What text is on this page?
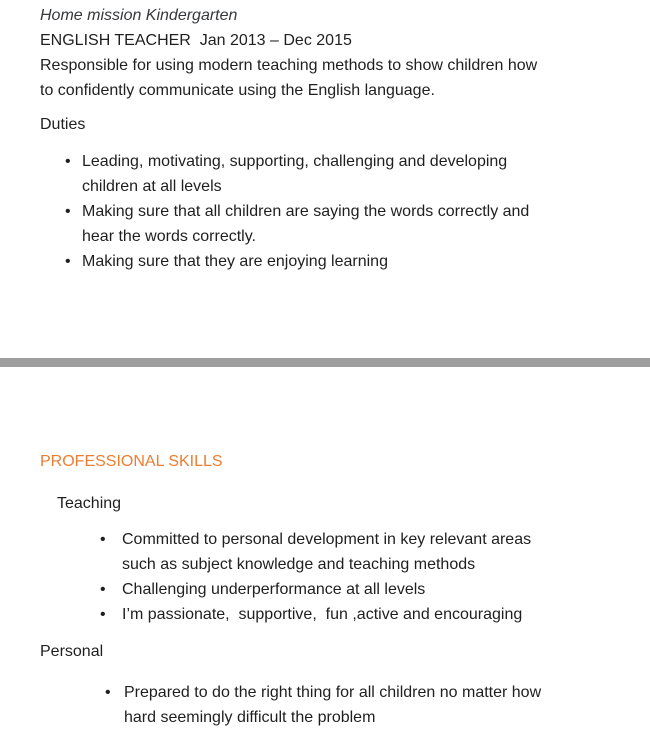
Home mission Kindergarten
ENGLISH TEACHER  Jan 2013 – Dec 2015
Responsible for using modern teaching methods to show children how
to confidently communicate using the English language.
Duties
• Leading, motivating, supporting, challenging and developing
children at all levels
• Making sure that all children are saying the words correctly and
hear the words correctly.
• Making sure that they are enjoying learning
PROFESSIONAL SKILLS
Teaching
•	Committed to personal development in key relevant areas
such as subject knowledge and teaching methods
•	Challenging underperformance at all levels
•	I’m passionate,  supportive,  fun ,active and encouraging
Personal
• Prepared to do the right thing for all children no matter how
hard seemingly difficult the problem
